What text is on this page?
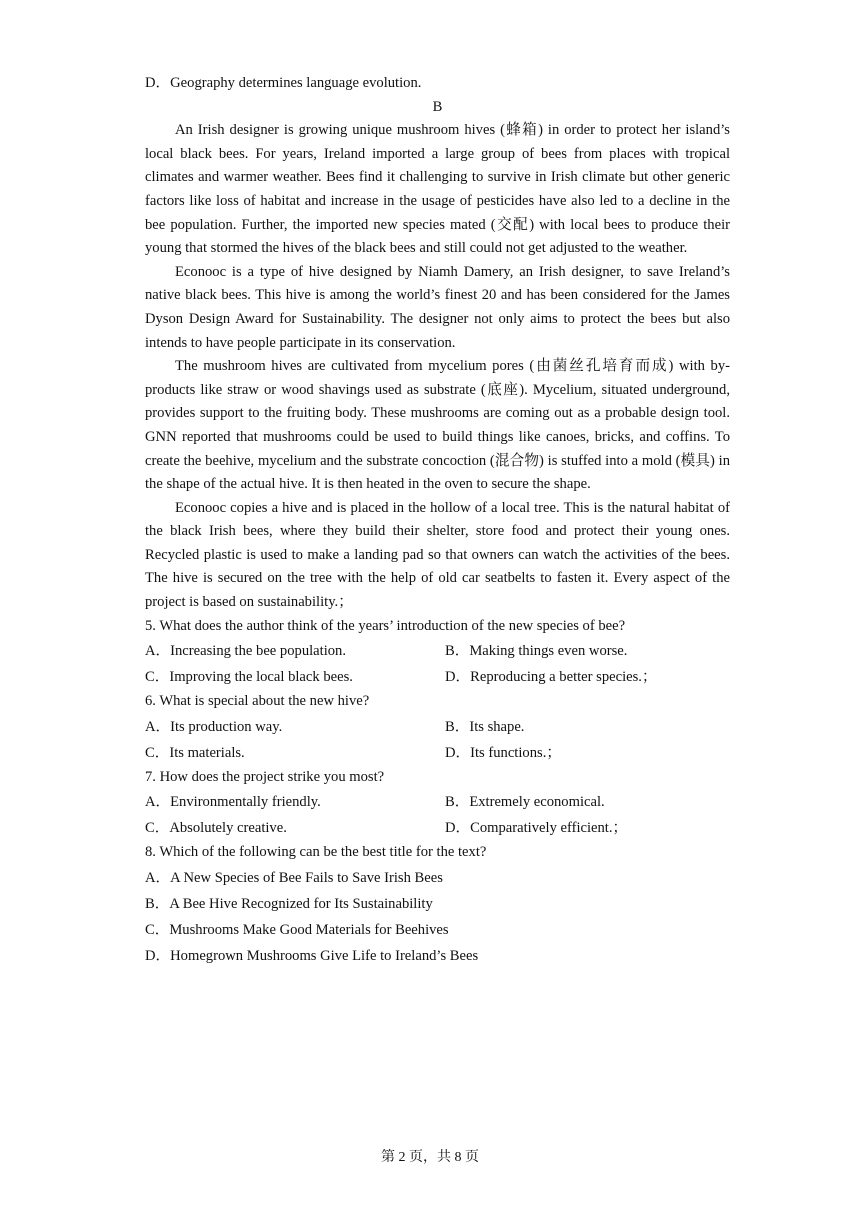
D．Geography determines language evolution.
B

An Irish designer is growing unique mushroom hives (蜂箱) in order to protect her island’s local black bees. For years, Ireland imported a large group of bees from places with tropical climates and warmer weather. Bees find it challenging to survive in Irish climate but other generic factors like loss of habitat and increase in the usage of pesticides have also led to a decline in the bee population. Further, the imported new species mated (交配) with local bees to produce their young that stormed the hives of the black bees and still could not get adjusted to the weather.

Econooc is a type of hive designed by Niamh Damery, an Irish designer, to save Ireland’s native black bees. This hive is among the world’s finest 20 and has been considered for the James Dyson Design Award for Sustainability. The designer not only aims to protect the bees but also intends to have people participate in its conservation.

The mushroom hives are cultivated from mycelium pores (由菌丝孔培育而成) with by-products like straw or wood shavings used as substrate (底座). Mycelium, situated underground, provides support to the fruiting body. These mushrooms are coming out as a probable design tool. GNN reported that mushrooms could be used to build things like canoes, bricks, and coffins. To create the beehive, mycelium and the substrate concoction (混合物) is stuffed into a mold (模具) in the shape of the actual hive. It is then heated in the oven to secure the shape.

Econooc copies a hive and is placed in the hollow of a local tree. This is the natural habitat of the black Irish bees, where they build their shelter, store food and protect their young ones. Recycled plastic is used to make a landing pad so that owners can watch the activities of the bees. The hive is secured on the tree with the help of old car seatbelts to fasten it. Every aspect of the project is based on sustainability.；

5. What does the author think of the years’ introduction of the new species of bee?
A．Increasing the bee population.	B．Making things even worse.
C．Improving the local black bees.	D．Reproducing a better species.；
6. What is special about the new hive?
A．Its production way.	B．Its shape.
C．Its materials.	D．Its functions.；
7. How does the project strike you most?
A．Environmentally friendly.	B．Extremely economical.
C．Absolutely creative.	D．Comparatively efficient.；
8. Which of the following can be the best title for the text?
A．A New Species of Bee Fails to Save Irish Bees
B．A Bee Hive Recognized for Its Sustainability
C．Mushrooms Make Good Materials for Beehives
D．Homegrown Mushrooms Give Life to Ireland’s Bees
第 2 页，共 8 页
